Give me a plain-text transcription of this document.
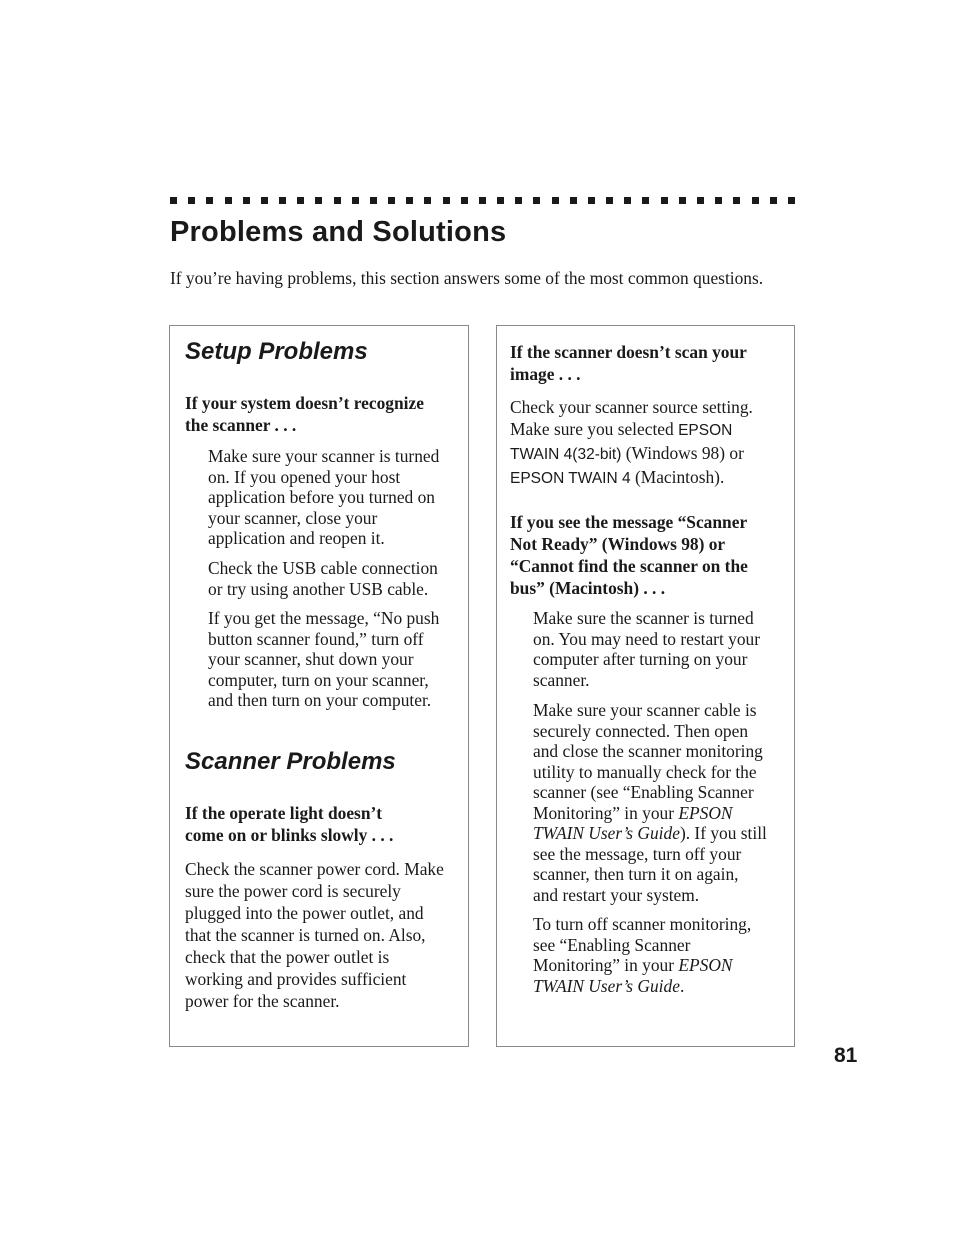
Problems and Solutions

If you’re having problems, this section answers some of the most common questions.

Setup Problems
If your system doesn’t recognize
the scanner . . .
Make sure your scanner is turned
on. If you opened your host
application before you turned on
your scanner, close your
application and reopen it.
Check the USB cable connection
or try using another USB cable.
If you get the message, “No push
button scanner found,” turn off
your scanner, shut down your
computer, turn on your scanner,
and then turn on your computer.
Scanner Problems
If the operate light doesn’t
come on or blinks slowly . . .
Check the scanner power cord. Make
sure the power cord is securely
plugged into the power outlet, and
that the scanner is turned on. Also,
check that the power outlet is
working and provides sufficient
power for the scanner.
If the scanner doesn’t scan your
image . . .
Check your scanner source setting.
Make sure you selected EPSON
TWAIN 4(32-bit) (Windows 98) or
EPSON TWAIN 4 (Macintosh).
If you see the message “Scanner
Not Ready” (Windows 98) or
“Cannot find the scanner on the
bus” (Macintosh) . . .
Make sure the scanner is turned
on. You may need to restart your
computer after turning on your
scanner.
Make sure your scanner cable is
securely connected. Then open
and close the scanner monitoring
utility to manually check for the
scanner (see “Enabling Scanner
Monitoring” in your EPSON
TWAIN User’s Guide). If you still
see the message, turn off your
scanner, then turn it on again,
and restart your system.
To turn off scanner monitoring,
see “Enabling Scanner
Monitoring” in your EPSON
TWAIN User’s Guide.

81
